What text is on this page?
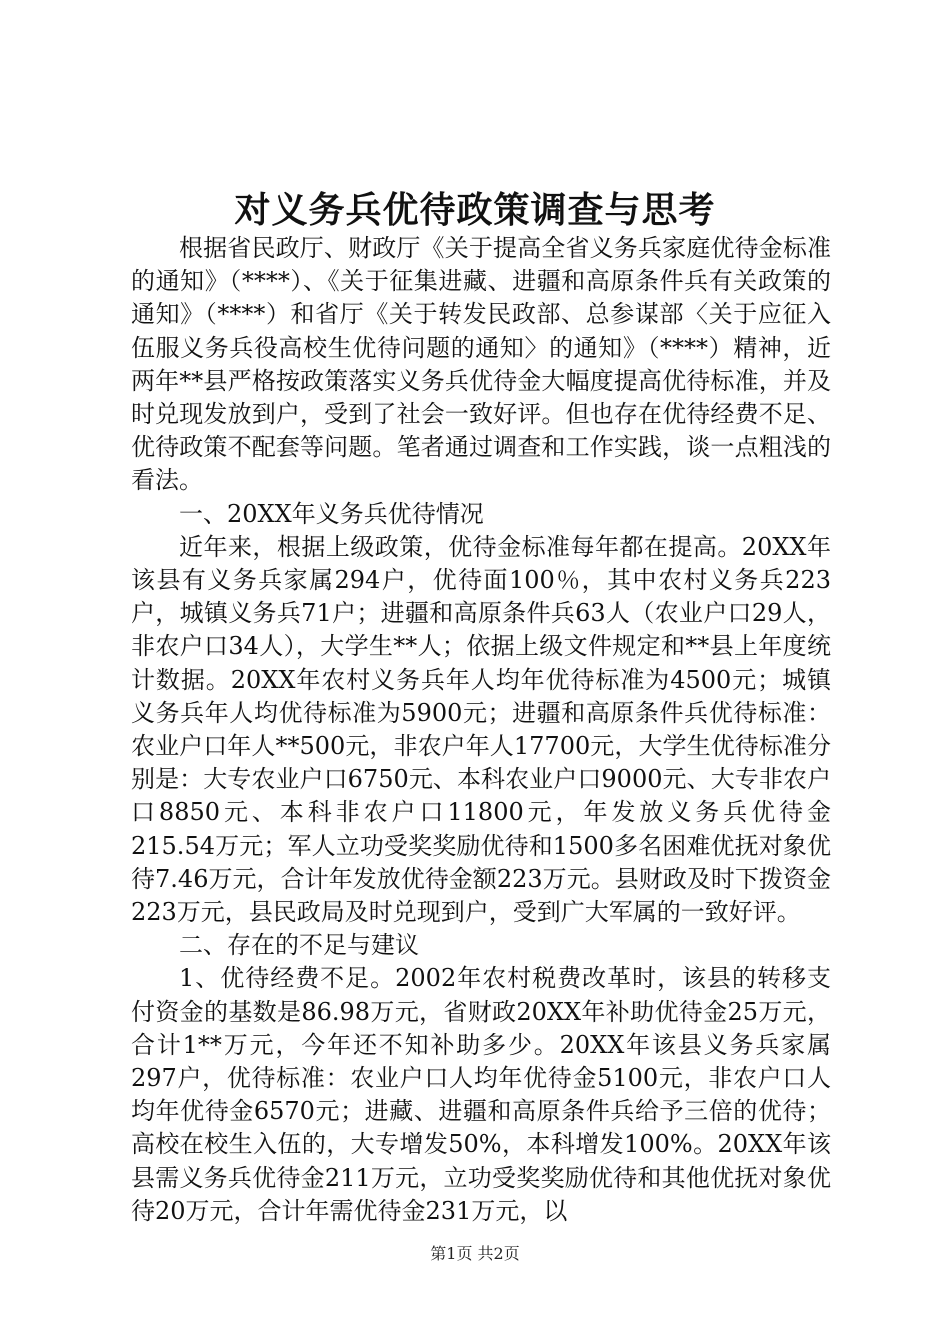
对义务兵优待政策调查与思考

根据省民政厅、财政厅《关于提高全省义务兵家庭优待金标准的通知》（****）、《关于征集进藏、进疆和高原条件兵有关政策的通知》（****）和省厅《关于转发民政部、总参谋部〈关于应征入伍服义务兵役高校生优待问题的通知〉的通知》（****）精神，近两年**县严格按政策落实义务兵优待金大幅度提高优待标准，并及时兑现发放到户，受到了社会一致好评。但也存在优待经费不足、优待政策不配套等问题。笔者通过调查和工作实践，谈一点粗浅的看法。

一、20XX年义务兵优待情况

近年来，根据上级政策，优待金标准每年都在提高。20XX年该县有义务兵家属294户，优待面100％，其中农村义务兵223户，城镇义务兵71户；进疆和高原条件兵63人（农业户口29人，非农户口34人），大学生**人；依据上级文件规定和**县上年度统计数据。20XX年农村义务兵年人均年优待标准为4500元；城镇义务兵年人均优待标准为5900元；进疆和高原条件兵优待标准：农业户口年人**500元，非农户年人17700元，大学生优待标准分别是：大专农业户口6750元、本科农业户口9000元、大专非农户口8850元、本科非农户口11800元，年发放义务兵优待金215.54万元；军人立功受奖奖励优待和1500多名困难优抚对象优待7.46万元，合计年发放优待金额223万元。县财政及时下拨资金223万元，县民政局及时兑现到户，受到广大军属的一致好评。

二、存在的不足与建议

1、优待经费不足。2002年农村税费改革时，该县的转移支付资金的基数是86.98万元，省财政20XX年补助优待金25万元，合计1**万元，今年还不知补助多少。20XX年该县义务兵家属297户，优待标准：农业户口人均年优待金5100元，非农户口人均年优待金6570元；进藏、进疆和高原条件兵给予三倍的优待；高校在校生入伍的，大专增发50%，本科增发100%。20XX年该县需义务兵优待金211万元，立功受奖奖励优待和其他优抚对象优待20万元，合计年需优待金231万元，以

第1页 共2页
